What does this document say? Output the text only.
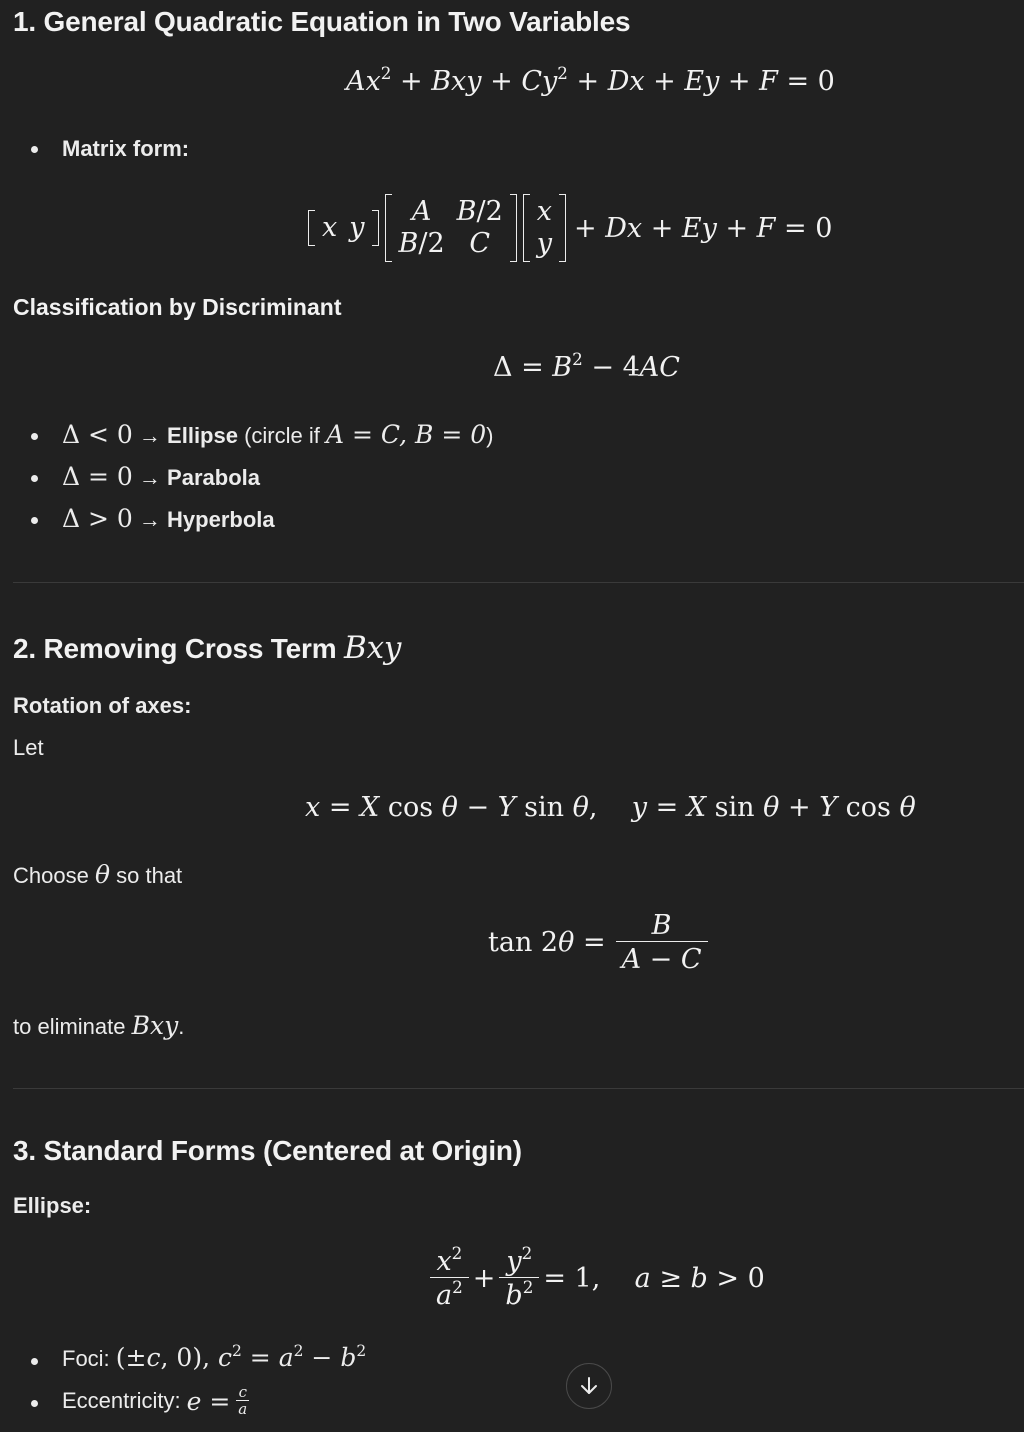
1. General Quadratic Equation in Two Variables
$Ax^2$ + Bxy + $Cy^2 + Dx + Ey + F = 0$
Matrix form:
x	y
A	B/2
B/2	C
x
y + Dx + Ey + F = 0
Classification by Discriminant
$\Delta = B^2 - 4AC$
Δ < 0 → Ellipse (circle if A = C, B = 0)
Δ = 0 → Parabola
Δ > 0 → Hyperbola
2. Removing Cross Term Bxy
Rotation of axes:
Let
x = X cos θ − Y sin θ,    y = X sin θ + Y cos θ
Choose θ so that
$\tan 2\theta = \frac{B}{A - C}$
to eliminate Bxy.
3. Standard Forms (Centered at Origin)
Ellipse:
$\frac{x^2}{a^2} + \frac{y^2}{b^2} = 1$,    a ≥ b > 0
Foci: (±c, 0), $c^2 = a^2 - b^2$
Eccentricity: $e = \frac{c}{a}$
